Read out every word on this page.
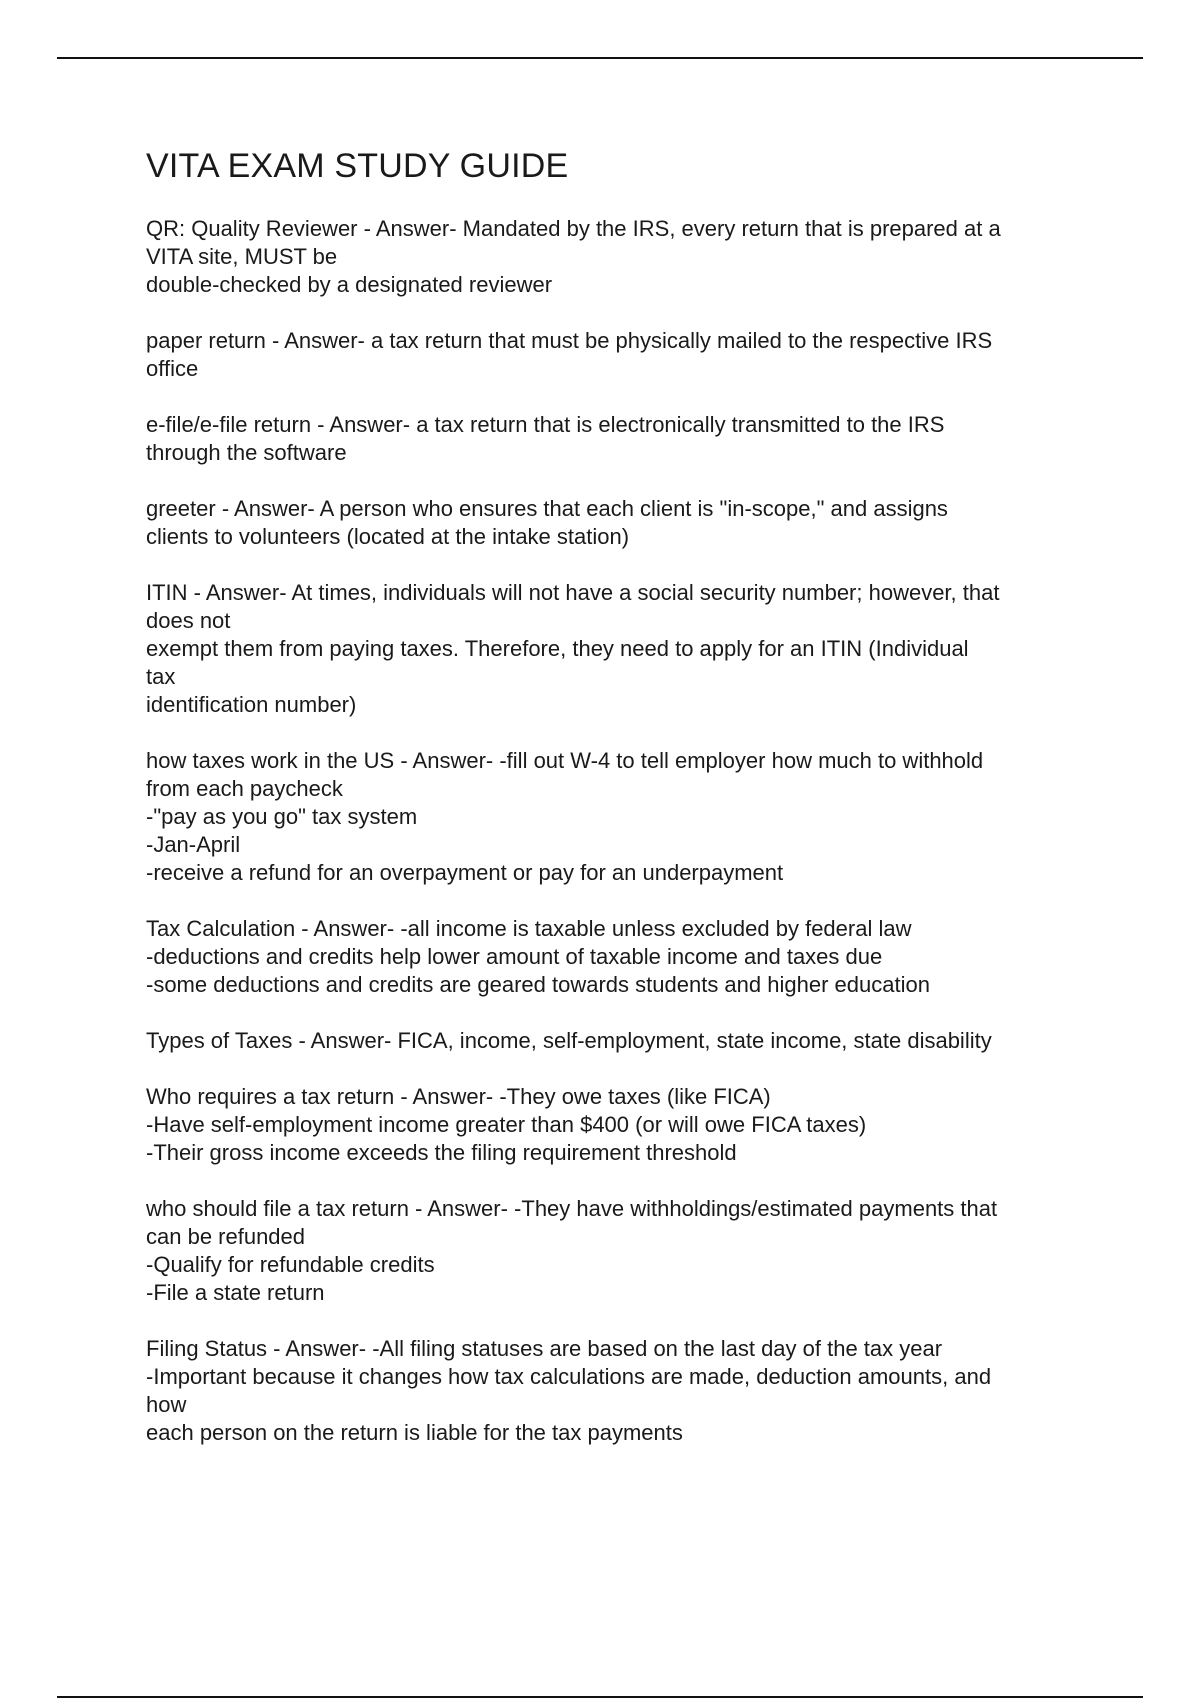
VITA EXAM STUDY GUIDE

QR: Quality Reviewer - Answer- Mandated by the IRS, every return that is prepared at a
VITA site, MUST be
double-checked by a designated reviewer

paper return - Answer- a tax return that must be physically mailed to the respective IRS
office

e-file/e-file return - Answer- a tax return that is electronically transmitted to the IRS
through the software

greeter - Answer- A person who ensures that each client is "in-scope," and assigns
clients to volunteers (located at the intake station)

ITIN - Answer- At times, individuals will not have a social security number; however, that
does not
exempt them from paying taxes. Therefore, they need to apply for an ITIN (Individual
tax
identification number)

how taxes work in the US - Answer- -fill out W-4 to tell employer how much to withhold
from each paycheck
-"pay as you go" tax system
-Jan-April
-receive a refund for an overpayment or pay for an underpayment

Tax Calculation - Answer- -all income is taxable unless excluded by federal law
-deductions and credits help lower amount of taxable income and taxes due
-some deductions and credits are geared towards students and higher education

Types of Taxes - Answer- FICA, income, self-employment, state income, state disability

Who requires a tax return - Answer- -They owe taxes (like FICA)
-Have self-employment income greater than $400 (or will owe FICA taxes)
-Their gross income exceeds the filing requirement threshold

who should file a tax return - Answer- -They have withholdings/estimated payments that
can be refunded
-Qualify for refundable credits
-File a state return

Filing Status - Answer- -All filing statuses are based on the last day of the tax year
-Important because it changes how tax calculations are made, deduction amounts, and
how
each person on the return is liable for the tax payments
